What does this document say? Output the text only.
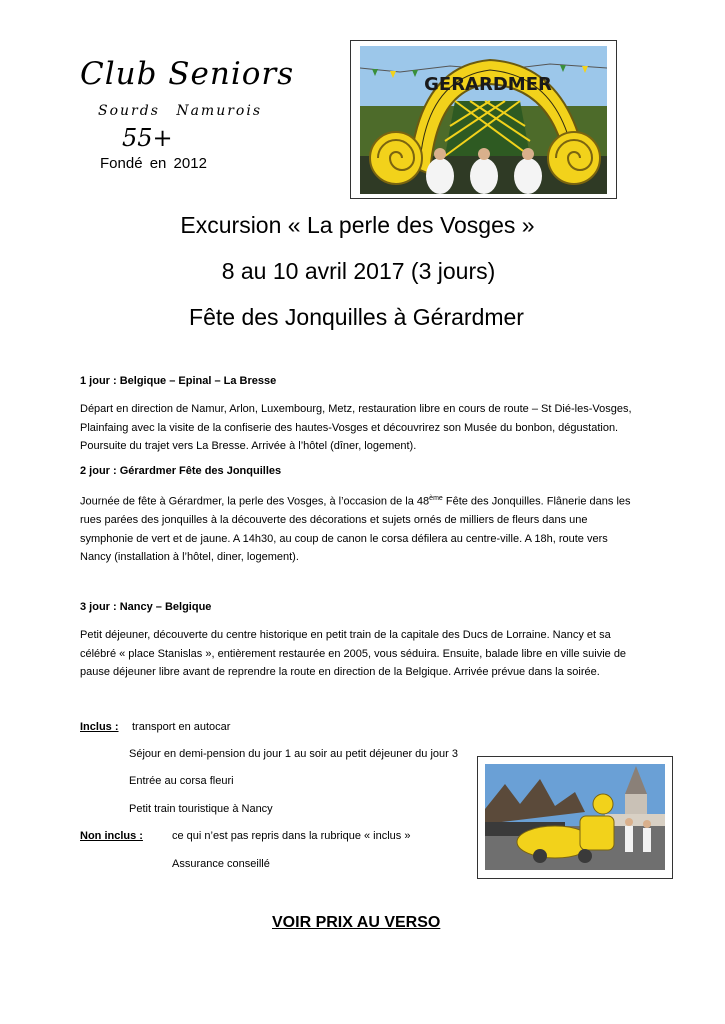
Club Seniors
Sourds Namurois
55+
Fondé en 2012
GERARDMER
Excursion « La perle des Vosges »
8 au 10 avril 2017 (3 jours)
Fête des Jonquilles à Gérardmer
1 jour : Belgique – Epinal – La Bresse
Départ en direction de Namur, Arlon, Luxembourg, Metz, restauration libre en cours de route – St Dié-les-Vosges, Plainfaing avec la visite de la confiserie des hautes-Vosges et découvrirez son Musée du bonbon, dégustation. Poursuite du trajet vers La Bresse. Arrivée à l’hôtel (dîner, logement).
2 jour : Gérardmer Fête des Jonquilles
Journée de fête à Gérardmer, la perle des Vosges, à l’occasion de la 48ème Fête des Jonquilles. Flânerie dans les rues parées des jonquilles à la découverte des décorations et sujets ornés de milliers de fleurs dans une symphonie de vert et de jaune. A 14h30, au coup de canon le corsa défilera au centre-ville. A 18h, route vers Nancy (installation à l’hôtel, diner, logement).
3 jour : Nancy – Belgique
Petit déjeuner, découverte du centre historique en petit train de la capitale des Ducs de Lorraine. Nancy et sa célébré « place Stanislas », entièrement restaurée en 2005, vous séduira. Ensuite, balade libre en ville suivie de pause déjeuner libre avant de reprendre la route en direction de la Belgique. Arrivée prévue dans la soirée.
Inclus : transport en autocar
Séjour en demi-pension du jour 1 au soir au petit déjeuner du jour 3
Entrée au corsa fleuri
Petit train touristique à Nancy
Non inclus :	ce qui n’est pas repris dans la rubrique « inclus »
Assurance conseillé
VOIR PRIX AU VERSO
